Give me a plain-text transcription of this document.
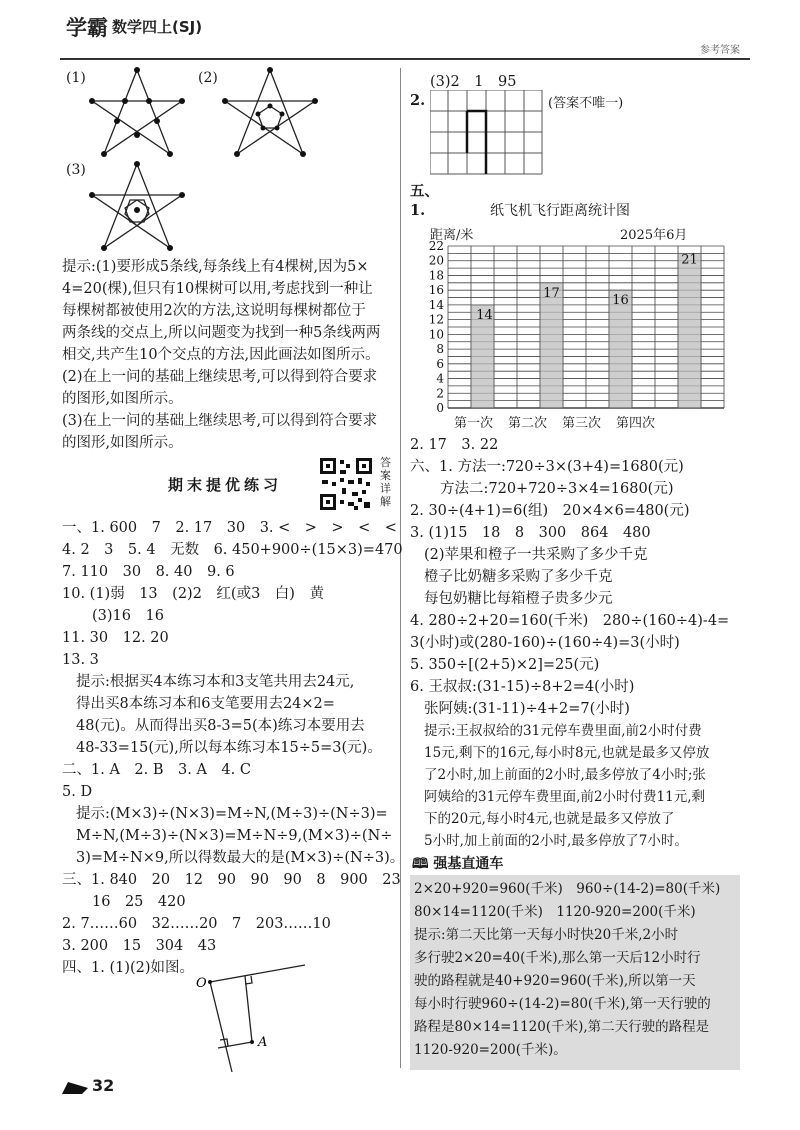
学霸 数学四上(SJ)
参考答案
(1)	(2)
(3)
提示:(1)要形成5条线,每条线上有4棵树,因为5×
4=20(棵),但只有10棵树可以用,考虑找到一种让
每棵树都被使用2次的方法,这说明每棵树都位于
两条线的交点上,所以问题变为找到一种5条线两两
相交,共产生10个交点的方法,因此画法如图所示。
(2)在上一问的基础上继续思考,可以得到符合要求
的图形,如图所示。
(3)在上一问的基础上继续思考,可以得到符合要求
的图形,如图所示。
期末提优练习
答案详解
一、1. 600　7　2. 17　30　3. <　>　>　<　<
4. 2　3　5. 4　无数　6. 450+900÷(15×3)=470
7. 110　30　8. 40　9. 6
10. (1)弱　13　(2)2　红(或3　白)　黄
(3)16　16
11. 30　12. 20
13. 3
提示:根据买4本练习本和3支笔共用去24元,
得出买8本练习本和6支笔要用去24×2=
48(元)。从而得出买8-3=5(本)练习本要用去
48-33=15(元),所以每本练习本15÷5=3(元)。
二、1. A　2. B　3. A　4. C
5. D
提示:(M×3)÷(N×3)=M÷N,(M÷3)÷(N÷3)=
M÷N,(M÷3)÷(N×3)=M÷N÷9,(M×3)÷(N÷
3)=M÷N×9,所以得数最大的是(M×3)÷(N÷3)。
三、1. 840　20　12　90　90　90　8　900　23
16　25　420
2. 7……60　32……20　7　203……10
3. 200　15　304　43
四、1. (1)(2)如图。
O
A
(3)2　1　95
2.	(答案不唯一)
五、
1.	纸飞机飞行距离统计图
距离/米	2025年6月
第一次 第二次 第三次 第四次
0
2
4
6
8
10
12
14
16
18
20
22
14
17	16
21
2. 17　3. 22
六、1. 方法一:720÷3×(3+4)=1680(元)
方法二:720+720÷3×4=1680(元)
2. 30÷(4+1)=6(组)　20×4×6=480(元)
3. (1)15　18　8　300　864　480
(2)苹果和橙子一共采购了多少千克
橙子比奶糖多采购了多少千克
每包奶糖比每箱橙子贵多少元
4. 280÷2+20=160(千米)　280÷(160÷4)-4=
3(小时)或(280-160)÷(160÷4)=3(小时)
5. 350÷[(2+5)×2]=25(元)
6. 王叔叔:(31-15)÷8+2=4(小时)
张阿姨:(31-11)÷4+2=7(小时)
提示:王叔叔给的31元停车费里面,前2小时付费
15元,剩下的16元,每小时8元,也就是最多又停放
了2小时,加上前面的2小时,最多停放了4小时;张
阿姨给的31元停车费里面,前2小时付费11元,剩
下的20元,每小时4元,也就是最多又停放了
5小时,加上前面的2小时,最多停放了7小时。
🕮 强基直通车
2×20+920=960(千米)　960÷(14-2)=80(千米)
80×14=1120(千米)　1120-920=200(千米)
提示:第二天比第一天每小时快20千米,2小时
多行驶2×20=40(千米),那么第一天后12小时行
驶的路程就是40+920=960(千米),所以第一天
每小时行驶960÷(14-2)=80(千米),第一天行驶的
路程是80×14=1120(千米),第二天行驶的路程是
1120-920=200(千米)。
32
